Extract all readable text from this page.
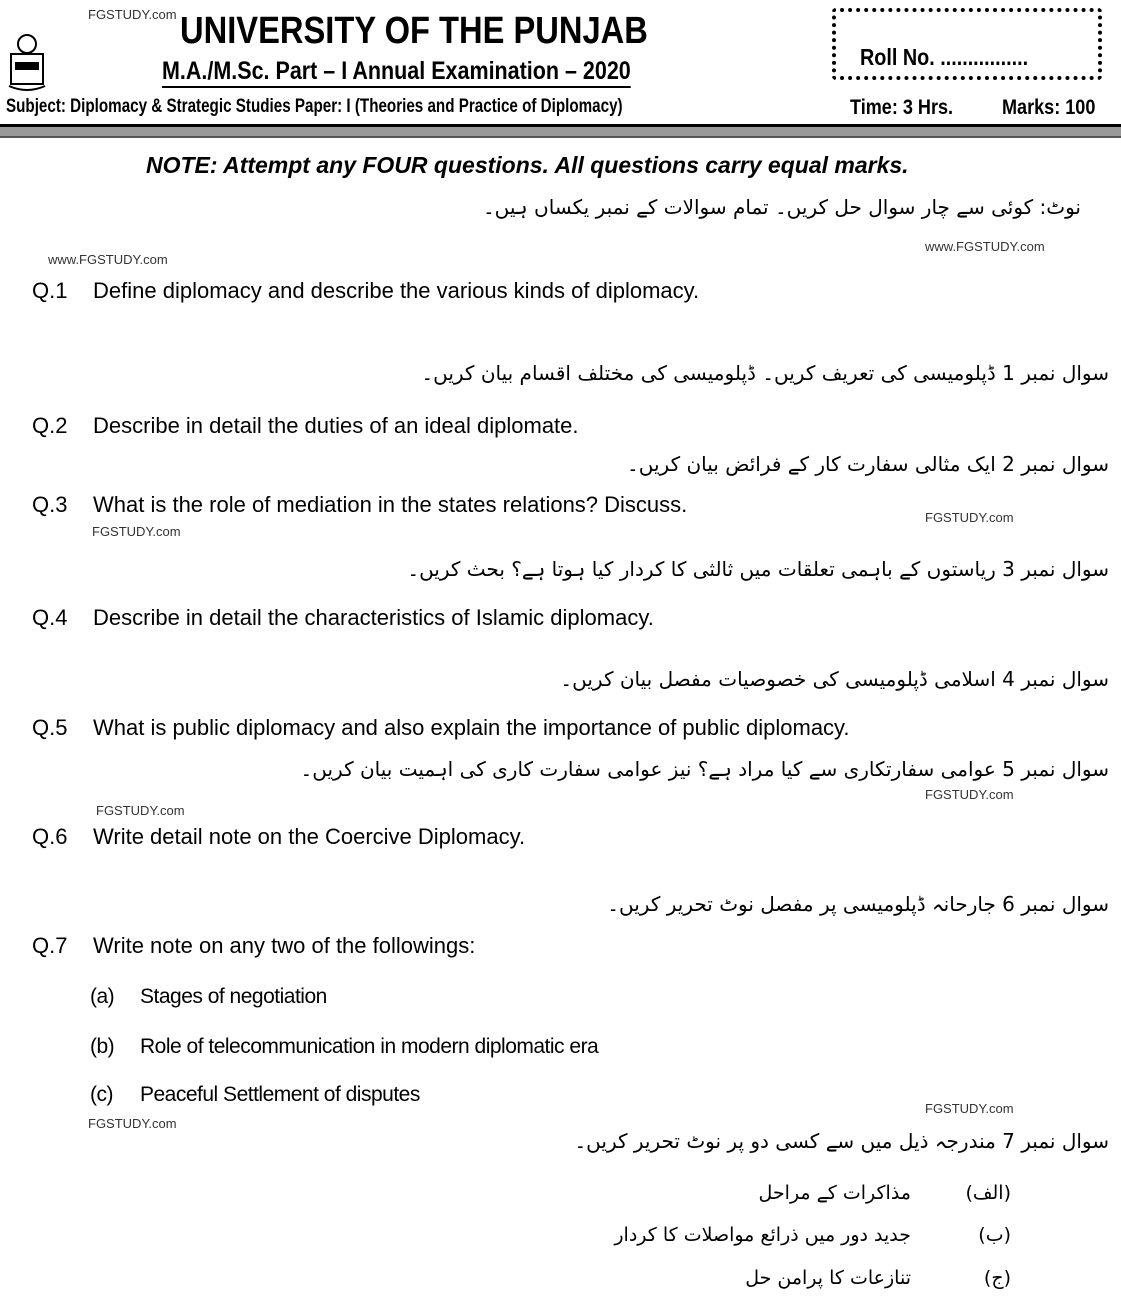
FGSTUDY.com UNIVERSITY OF THE PUNJAB
M.A./M.Sc. Part – I Annual Examination – 2020
Subject: Diplomacy & Strategic Studies Paper: I (Theories and Practice of Diplomacy)	Time: 3 Hrs. Marks: 100
Roll No. ................
NOTE: Attempt any FOUR questions. All questions carry equal marks.
نوٹ: کوئی سے چار سوال حل کریں۔ تمام سوالات کے نمبر یکساں ہیں۔
www.FGSTUDY.com
www.FGSTUDY.com
Q.1 Define diplomacy and describe the various kinds of diplomacy.
سوال نمبر 1 ڈپلومیسی کی تعریف کریں۔ ڈپلومیسی کی مختلف اقسام بیان کریں۔
Q.2 Describe in detail the duties of an ideal diplomate.
سوال نمبر 2 ایک مثالی سفارت کار کے فرائض بیان کریں۔
Q.3 What is the role of mediation in the states relations? Discuss.
FGSTUDY.com
FGSTUDY.com
سوال نمبر 3 ریاستوں کے باہمی تعلقات میں ثالثی کا کردار کیا ہوتا ہے؟ بحث کریں۔
Q.4 Describe in detail the characteristics of Islamic diplomacy.
سوال نمبر 4 اسلامی ڈپلومیسی کی خصوصیات مفصل بیان کریں۔
Q.5 What is public diplomacy and also explain the importance of public diplomacy.
سوال نمبر 5 عوامی سفارتکاری سے کیا مراد ہے؟ نیز عوامی سفارت کاری کی اہمیت بیان کریں۔
FGSTUDY.com
FGSTUDY.com
Q.6 Write detail note on the Coercive Diplomacy.
سوال نمبر 6 جارحانہ ڈپلومیسی پر مفصل نوٹ تحریر کریں۔
Q.7 Write note on any two of the followings:
(a) Stages of negotiation
(b) Role of telecommunication in modern diplomatic era
(c) Peaceful Settlement of disputes
FGSTUDY.com
FGSTUDY.com
سوال نمبر 7 مندرجہ ذیل میں سے کسی دو پر نوٹ تحریر کریں۔
(الف)
مذاکرات کے مراحل
(ب)
جدید دور میں ذرائع مواصلات کا کردار
(ج)
تنازعات کا پرامن حل
